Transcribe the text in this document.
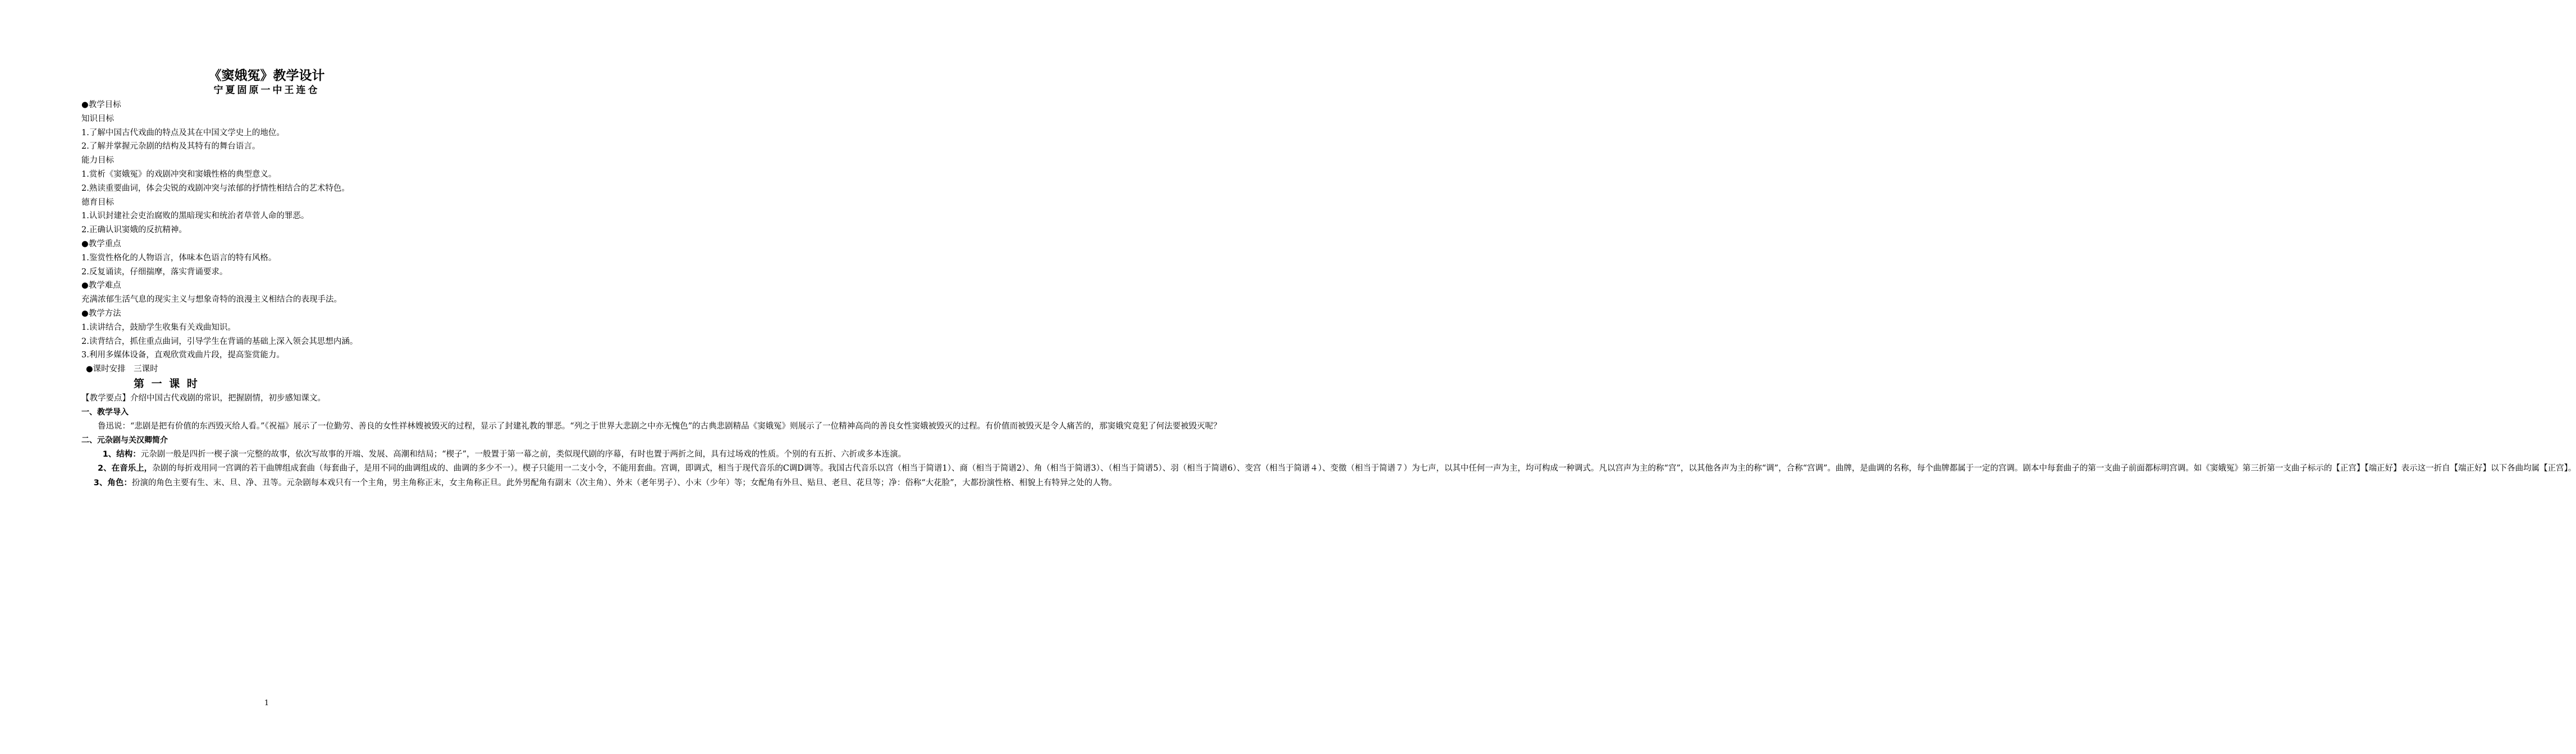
《窦娥冤》教学设计
宁夏固原一中王连仓

●教学目标

知识目标

1.了解中国古代戏曲的特点及其在中国文学史上的地位。

2.了解并掌握元杂剧的结构及其特有的舞台语言。

能力目标

1.赏析《窦娥冤》的戏剧冲突和窦娥性格的典型意义。

2.熟读重要曲词，体会尖锐的戏剧冲突与浓郁的抒情性相结合的艺术特色。

德育目标

1.认识封建社会吏治腐败的黑暗现实和统治者草菅人命的罪恶。

2.正确认识窦娥的反抗精神。

●教学重点

1.鉴赏性格化的人物语言，体味本色语言的特有风格。

2.反复诵读，仔细揣摩，落实背诵要求。

●教学难点

充满浓郁生活气息的现实主义与想象奇特的浪漫主义相结合的表现手法。

●教学方法

1.读讲结合，鼓励学生收集有关戏曲知识。

2.读背结合，抓住重点曲词，引导学生在背诵的基础上深入领会其思想内涵。

3.利用多媒体设备，直观欣赏戏曲片段，提高鉴赏能力。

●课时安排　三课时

第 一 课 时

【教学要点】介绍中国古代戏剧的常识，把握剧情，初步感知课文。

一、教学导入

鲁迅说：“悲剧是把有价值的东西毁灭给人看。”《祝福》展示了一位勤劳、善良的女性祥林嫂被毁灭的过程，显示了封建礼教的罪恶。“列之于世界大悲剧之中亦无愧色”的古典悲剧精品《窦娥冤》则展示了一位精神高尚的善良女性窦娥被毁灭的过程。有价值而被毁灭是令人痛苦的，那窦娥究竟犯了何法要被毁灭呢？

二、元杂剧与关汉卿简介

1、结构：元杂剧一般是四折一楔子演一完整的故事，依次写故事的开端、发展、高潮和结局；“楔子”，一般置于第一幕之前，类似现代剧的序幕，有时也置于两折之间，具有过场戏的性质。个别的有五折、六折或多本连演。

2、在音乐上，杂剧的每折戏用同一宫调的若干曲牌组成套曲（每套曲子，是用不同的曲调组成的、曲调的多少不一）。楔子只能用一二支小令，不能用套曲。宫调，即调式，相当于现代音乐的C调D调等。我国古代音乐以宫（相当于简谱1）、商（相当于简谱2）、角（相当于简谱3）、（相当于简谱5）、羽（相当于简谱6）、变宫（相当于简谱４）、变徵（相当于简谱７）为七声，以其中任何一声为主，均可构成一种调式。凡以宫声为主的称“宫”，以其他各声为主的称“调”，合称“宫调”。曲牌，是曲调的名称，每个曲牌都属于一定的宫调。剧本中每套曲子的第一支曲子前面都标明宫调。如《窦娥冤》第三折第一支曲子标示的【正宫】【端正好】表示这一折自【端正好】以下各曲均属【正宫】。

3、角色：扮演的角色主要有生、末、旦、净、丑等。元杂剧每本戏只有一个主角，男主角称正末，女主角称正旦。此外男配角有副末（次主角）、外末（老年男子）、小末（少年）等；女配角有外旦、贴旦、老旦、花旦等；净：俗称“大花脸”，大都扮演性格、相貌上有特异之处的人物。

1
